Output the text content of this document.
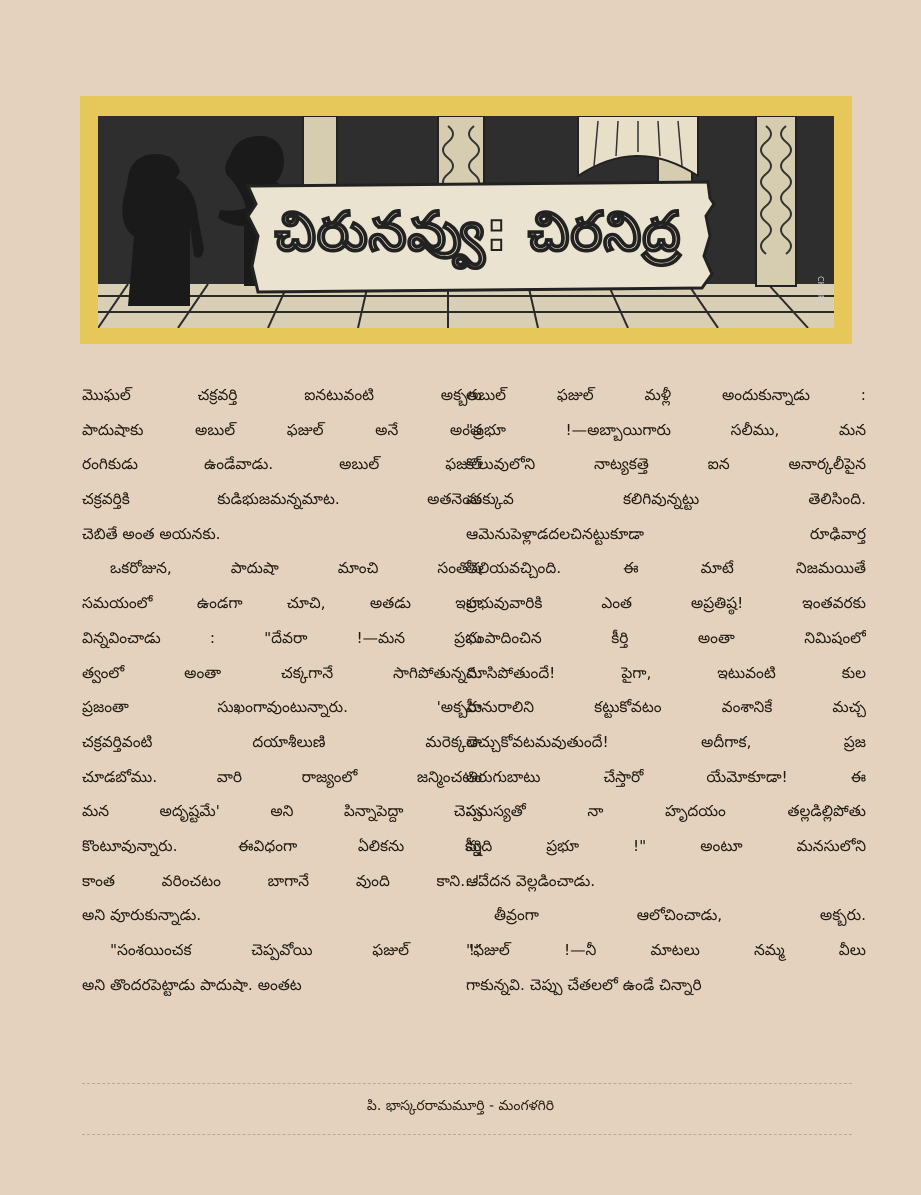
CHITRA
చిరునవ్వు: చిరనిద్ర
మొఘల్ చక్రవర్తి ఐనటువంటి అక్బరు
పాదుషాకు అబుల్ ఫజుల్ అనే అంత
రంగికుడు ఉండేవాడు. అబుల్ ఫజుల్
చక్రవర్తికి కుడిభుజమన్నమాట. అతనెంత
చెబితే అంత అయనకు.
ఒకరోజున, పాదుషా మాంచి సంతోష
సమయంలో ఉండగా చూచి, అతడు ఇలా
విన్నవించాడు : "దేవరా !—మన ప్రభు
త్వంలో అంతా చక్కగానే సాగిపోతున్నది.
ప్రజంతా సుఖంగావుంటున్నారు. 'అక్బరు
చక్రవర్తివంటి దయాశీలుణి మరెక్కడా
చూడబోము. వారి రాజ్యంలో జన్మించటం
మన అదృష్టమే' అని పిన్నాపెద్దా చెప్ప
కొంటూవున్నారు. ఈవిధంగా ఏలికను కీర్తి
కాంత వరించటం బాగానే వుంది కాని..."
అని వూరుకున్నాడు.
"సంశయించక చెప్పవోయి ఫజుల్ !"
అని తొందరపెట్టాడు పాదుషా. అంతట
అబుల్ ఫజుల్ మళ్లీ అందుకున్నాడు :
"ప్రభూ !—అబ్బాయిగారు సలీము, మన
కొలువులోని నాట్యకత్తె ఐన అనార్కలీపైన
మక్కువ కలిగివున్నట్టు తెలిసింది.
ఆమెనుపెళ్లాడదలచినట్టుకూడా రూఢివార్త
తెలియవచ్చింది. ఈ మాటే నిజమయితే
ప్రభువువారికి ఎంత అప్రతిష్ఠ! ఇంతవరకు
సంపాదించిన కీర్తి అంతా నిమిషంలో
మాసిపోతుందే! పైగా, ఇటువంటి కుల
హీనురాలిని కట్టుకోవటం వంశానికే మచ్చ
తెచ్చుకోవటమవుతుందే! అదీగాక, ప్రజ
తిరుగుబాటు చేస్తారో యేమోకూడా! ఈ
సమస్యతో నా హృదయం తల్లడిల్లిపోతు
న్నది ప్రభూ !" అంటూ మనసులోని
ఆవేదన వెల్లడించాడు.
తీవ్రంగా ఆలోచించాడు, అక్బరు.
"ఫజుల్ !—నీ మాటలు నమ్మ వీలు
గాకున్నవి. చెప్పు చేతలలో ఉండే చిన్నారి
పి. భాస్కరరామమూర్తి - మంగళగిరి
